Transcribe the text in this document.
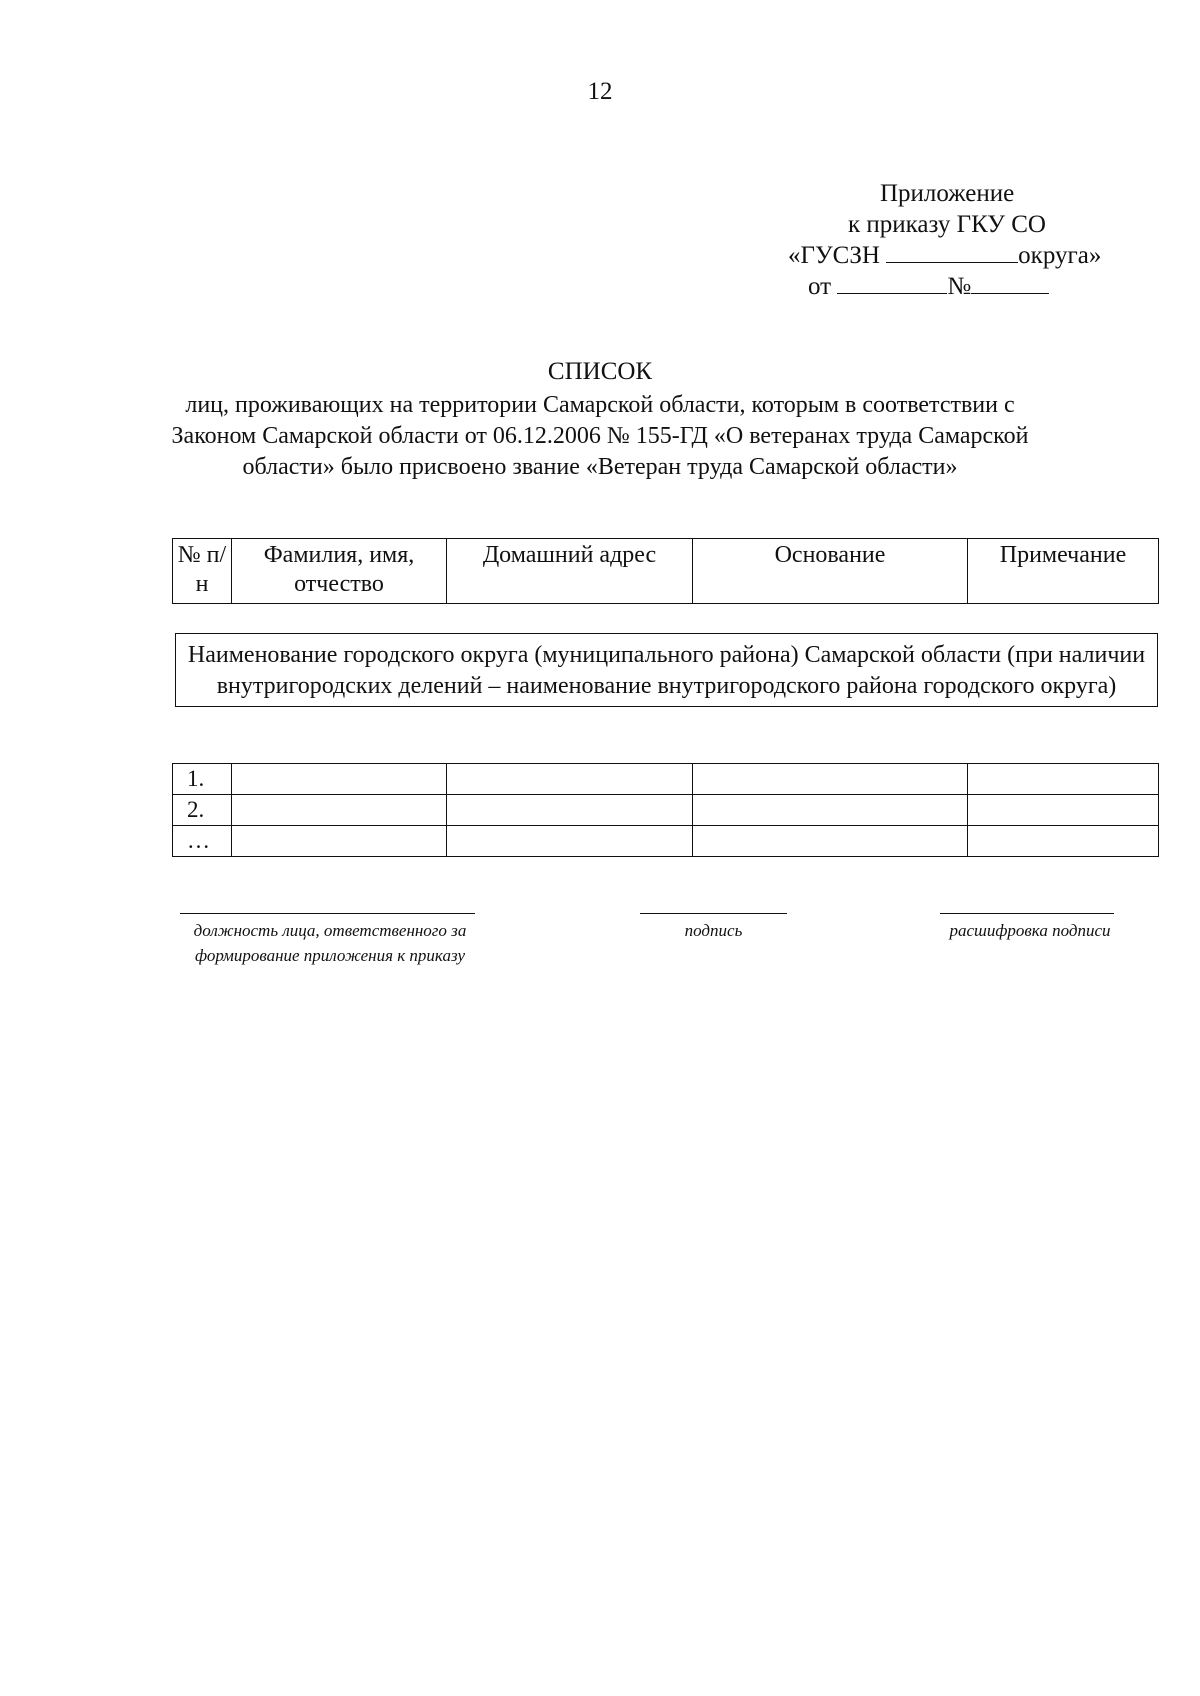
12
Приложение
к приказу ГКУ СО
«ГУСЗН	округа»
от	№
СПИСОК
лиц, проживающих на территории Самарской области, которым в соответствии с Законом Самарской области от 06.12.2006 № 155-ГД «О ветеранах труда Самарской области» было присвоено звание «Ветеран труда Самарской области»
№ п/н	Фамилия, имя, отчество	Домашний адрес	Основание	Примечание
Наименование городского округа (муниципального района) Самарской области (при наличии внутригородских делений – наименование внутригородского района городского округа)
1.				
2.				
…				
должность лица, ответственного за формирование приложения к приказу
подпись	расшифровка подписи
